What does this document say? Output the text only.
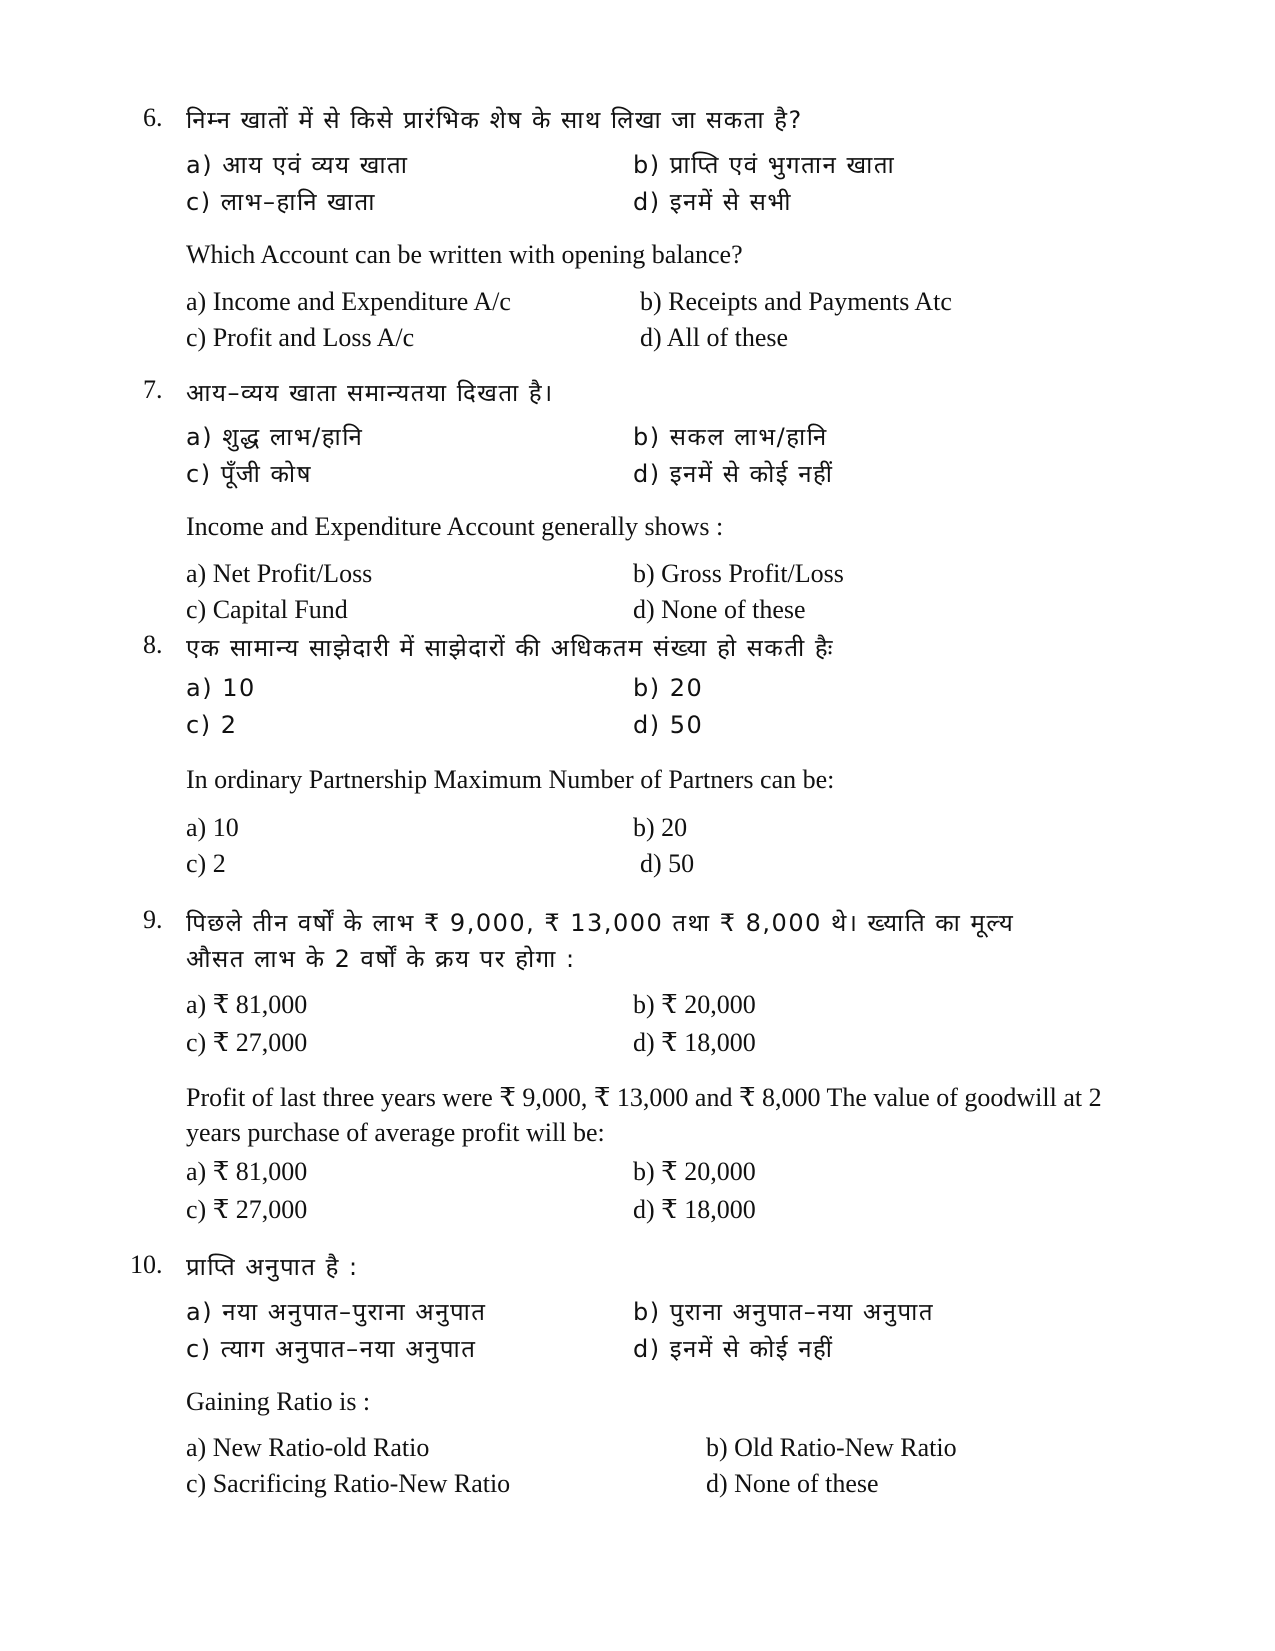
6. निम्न खातों में से किसे प्रारंभिक शेष के साथ लिखा जा सकता है?
a) आय एवं व्यय खाता	b) प्राप्ति एवं भुगतान खाता
c) लाभ–हानि खाता	d) इनमें से सभी
Which Account can be written with opening balance?
a) Income and Expenditure A/c	b) Receipts and Payments Atc
c) Profit and Loss A/c	d) All of these
7. आय–व्यय खाता समान्यतया दिखता है।
a) शुद्ध लाभ/हानि	b) सकल लाभ/हानि
c) पूँजी कोष	d) इनमें से कोई नहीं
Income and Expenditure Account generally shows :
a) Net Profit/Loss	b) Gross Profit/Loss
c) Capital Fund	d) None of these
8. एक सामान्य साझेदारी में साझेदारों की अधिकतम संख्या हो सकती हैः
a) 10	b) 20
c) 2	d) 50
In ordinary Partnership Maximum Number of Partners can be:
a) 10	b) 20
c) 2	d) 50
9. पिछले तीन वर्षों के लाभ ₹ 9,000, ₹ 13,000 तथा ₹ 8,000 थे। ख्याति का मूल्य
औसत लाभ के 2 वर्षों के क्रय पर होगा :
a) ₹ 81,000	b) ₹ 20,000
c) ₹ 27,000	d) ₹ 18,000
Profit of last three years were ₹ 9,000, ₹ 13,000 and ₹ 8,000 The value of goodwill at 2
years purchase of average profit will be:
a) ₹ 81,000	b) ₹ 20,000
c) ₹ 27,000	d) ₹ 18,000
10. प्राप्ति अनुपात है :
a) नया अनुपात–पुराना अनुपात	b) पुराना अनुपात–नया अनुपात
c) त्याग अनुपात–नया अनुपात	d) इनमें से कोई नहीं
Gaining Ratio is :
a) New Ratio-old Ratio	b) Old Ratio-New Ratio
c) Sacrificing Ratio-New Ratio	d) None of these
